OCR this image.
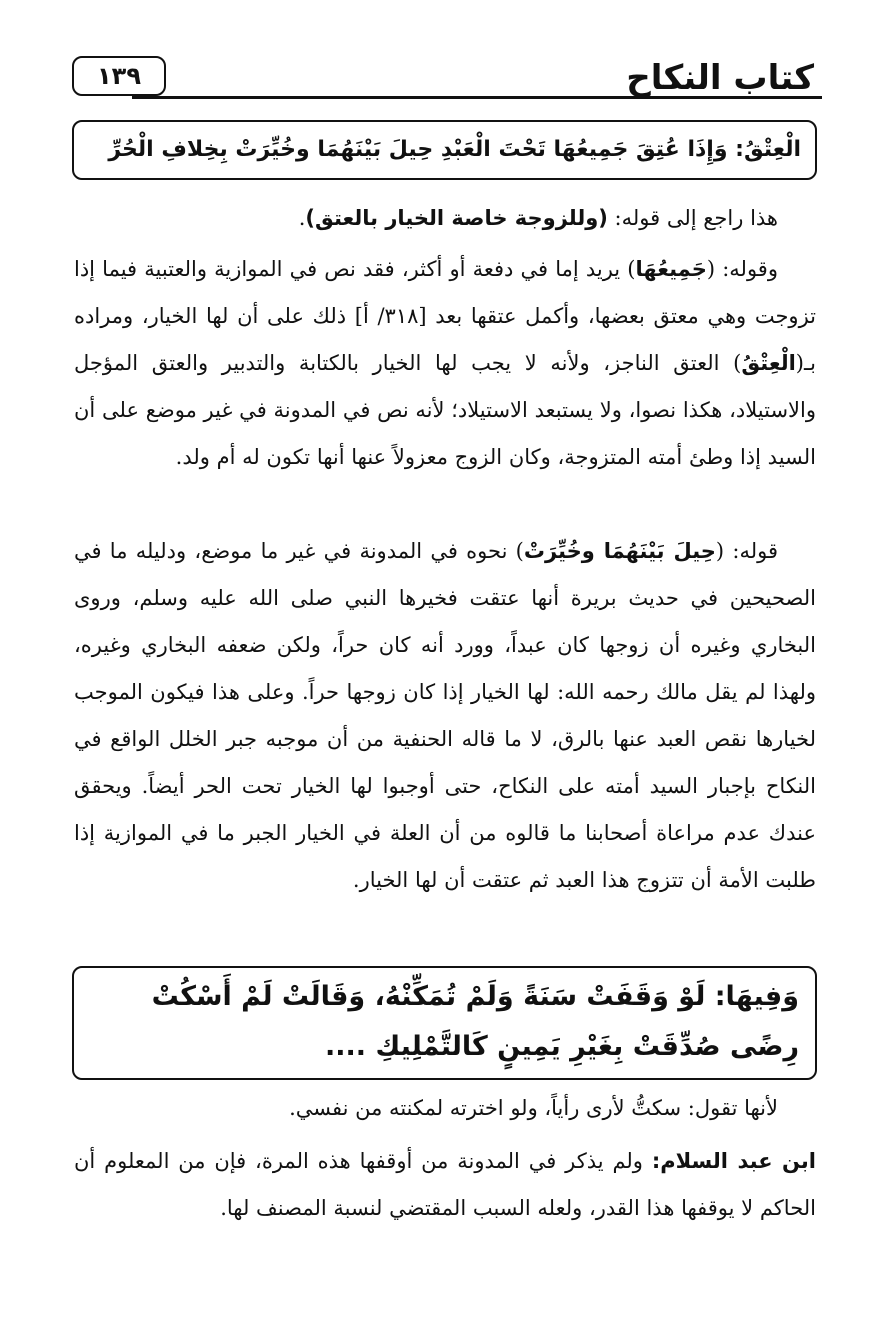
كتاب النكاح
١٣٩
الْعِتْقُ: وَإِذَا عُتِقَ جَمِيعُهَا تَحْتَ الْعَبْدِ حِيلَ بَيْنَهُمَا وخُيِّرَتْ بِخِلافِ الْحُرِّ

هذا راجع إلى قوله: (وللزوجة خاصة الخيار بالعتق).

وقوله: (جَمِيعُهَا) يريد إما في دفعة أو أكثر، فقد نص في الموازية والعتبية فيما إذا تزوجت وهي معتق بعضها، وأكمل عتقها بعد [٣١٨/ أ] ذلك على أن لها الخيار، ومراده بـ(الْعِتْقُ) العتق الناجز، ولأنه لا يجب لها الخيار بالكتابة والتدبير والعتق المؤجل والاستيلاد، هكذا نصوا، ولا يستبعد الاستيلاد؛ لأنه نص في المدونة في غير موضع على أن السيد إذا وطئ أمته المتزوجة، وكان الزوج معزولاً عنها أنها تكون له أم ولد.

قوله: (حِيلَ بَيْنَهُمَا وخُيِّرَتْ) نحوه في المدونة في غير ما موضع، ودليله ما في الصحيحين في حديث بريرة أنها عتقت فخيرها النبي صلى الله عليه وسلم، وروى البخاري وغيره أن زوجها كان عبداً، وورد أنه كان حراً، ولكن ضعفه البخاري وغيره، ولهذا لم يقل مالك رحمه الله: لها الخيار إذا كان زوجها حراً. وعلى هذا فيكون الموجب لخيارها نقص العبد عنها بالرق، لا ما قاله الحنفية من أن موجبه جبر الخلل الواقع في النكاح بإجبار السيد أمته على النكاح، حتى أوجبوا لها الخيار تحت الحر أيضاً. ويحقق عندك عدم مراعاة أصحابنا ما قالوه من أن العلة في الخيار الجبر ما في الموازية إذا طلبت الأمة أن تتزوج هذا العبد ثم عتقت أن لها الخيار.

وَفِيهَا: لَوْ وَقَفَتْ سَنَةً وَلَمْ تُمَكِّنْهُ، وَقَالَتْ لَمْ أَسْكُتْ رِضًى صُدِّقَتْ بِغَيْرِ يَمِينٍ كَالتَّمْلِيكِ ....

لأنها تقول: سكتُّ لأرى رأياً، ولو اخترته لمكنته من نفسي.

ابن عبد السلام: ولم يذكر في المدونة من أوقفها هذه المرة، فإن من المعلوم أن الحاكم لا يوقفها هذا القدر، ولعله السبب المقتضي لنسبة المصنف لها.
